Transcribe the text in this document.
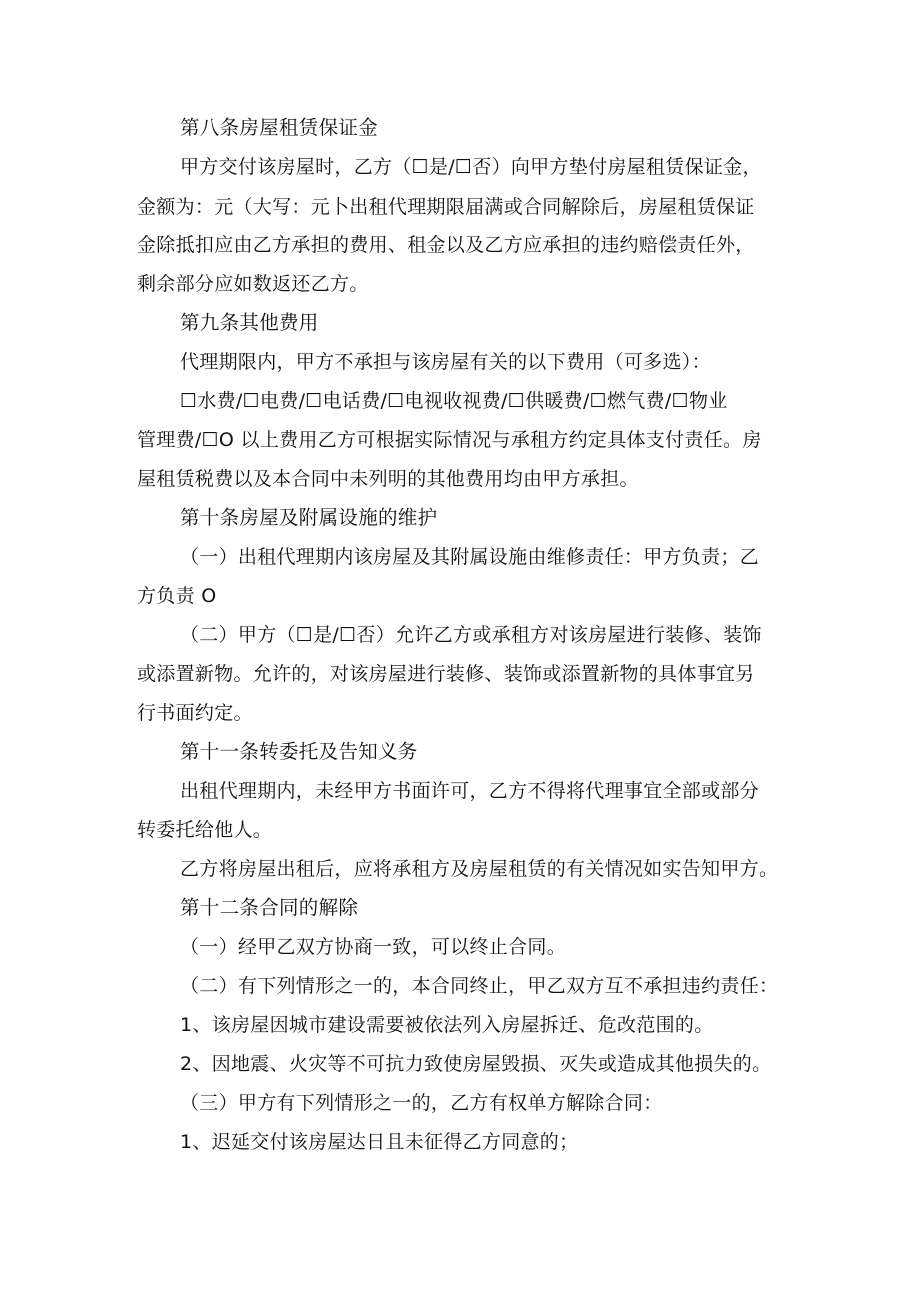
第八条房屋租赁保证金
甲方交付该房屋时，乙方（☐是/☐否）向甲方垫付房屋租赁保证金，
金额为：元（大写：元卜出租代理期限届满或合同解除后，房屋租赁保证
金除抵扣应由乙方承担的费用、租金以及乙方应承担的违约赔偿责任外，
剩余部分应如数返还乙方。
第九条其他费用
代理期限内，甲方不承担与该房屋有关的以下费用（可多选）：
☐水费/☐电费/☐电话费/☐电视收视费/☐供暖费/☐燃气费/☐物业
管理费/☐O 以上费用乙方可根据实际情况与承租方约定具体支付责任。房
屋租赁税费以及本合同中未列明的其他费用均由甲方承担。
第十条房屋及附属设施的维护
（一）出租代理期内该房屋及其附属设施由维修责任：甲方负责；乙
方负责 O
（二）甲方（☐是/☐否）允许乙方或承租方对该房屋进行装修、装饰
或添置新物。允许的，对该房屋进行装修、装饰或添置新物的具体事宜另
行书面约定。
第十一条转委托及告知义务
出租代理期内，未经甲方书面许可，乙方不得将代理事宜全部或部分
转委托给他人。
乙方将房屋出租后，应将承租方及房屋租赁的有关情况如实告知甲方。
第十二条合同的解除
（一）经甲乙双方协商一致，可以终止合同。
（二）有下列情形之一的，本合同终止，甲乙双方互不承担违约责任：
1、该房屋因城市建设需要被依法列入房屋拆迁、危改范围的。
2、因地震、火灾等不可抗力致使房屋毁损、灭失或造成其他损失的。
（三）甲方有下列情形之一的，乙方有权单方解除合同：
1、迟延交付该房屋达日且未征得乙方同意的；
